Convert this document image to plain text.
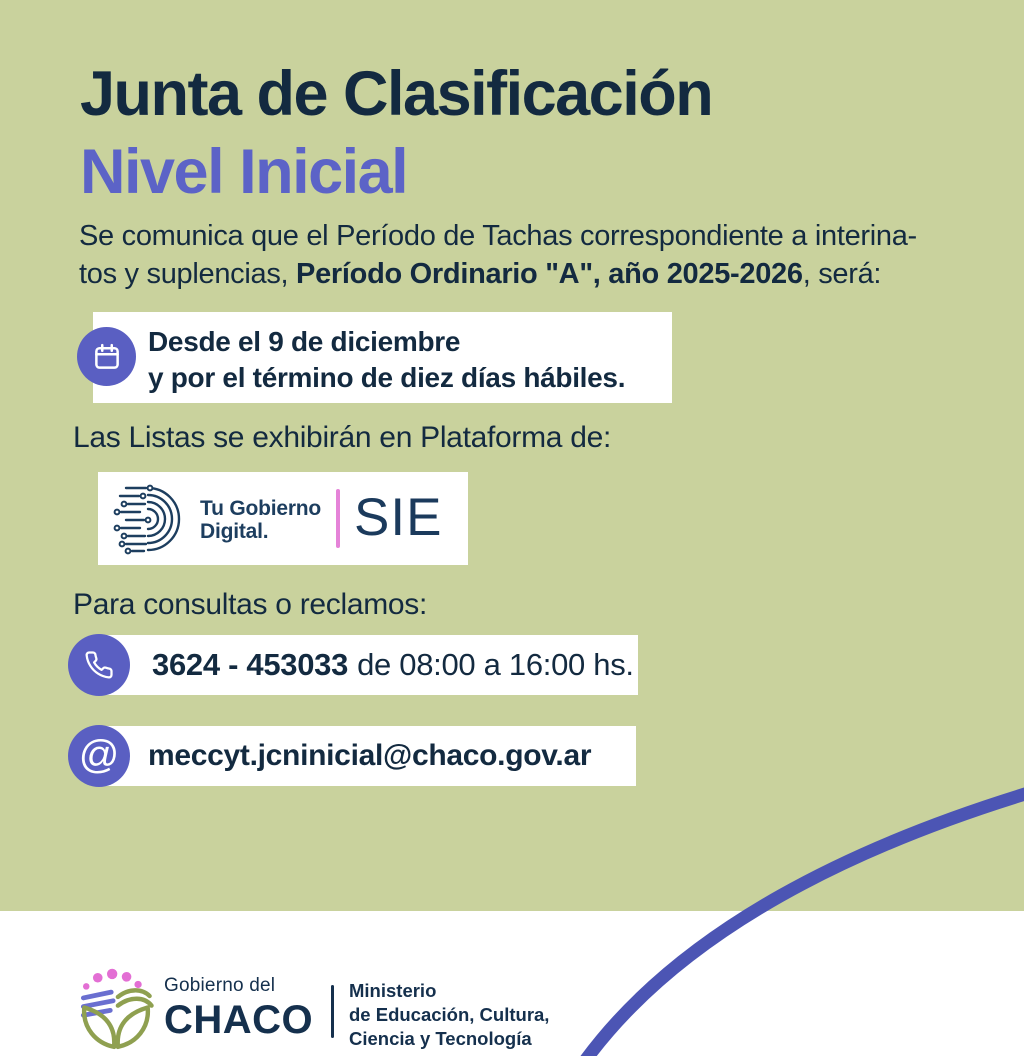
Junta de Clasificación
Nivel Inicial
Se comunica que el Período de Tachas correspondiente a interina-
tos y suplencias, Período Ordinario "A", año 2025-2026, será:
Desde el 9 de diciembre
y por el término de diez días hábiles.
Las Listas se exhibirán en Plataforma de:
Tu Gobierno
Digital.	SIE
Para consultas o reclamos:
3624 - 453033 de 08:00 a 16:00 hs.
@ meccyt.jcninicial@chaco.gov.ar
Gobierno del
CHACO
Ministerio
de Educación, Cultura,
Ciencia y Tecnología
